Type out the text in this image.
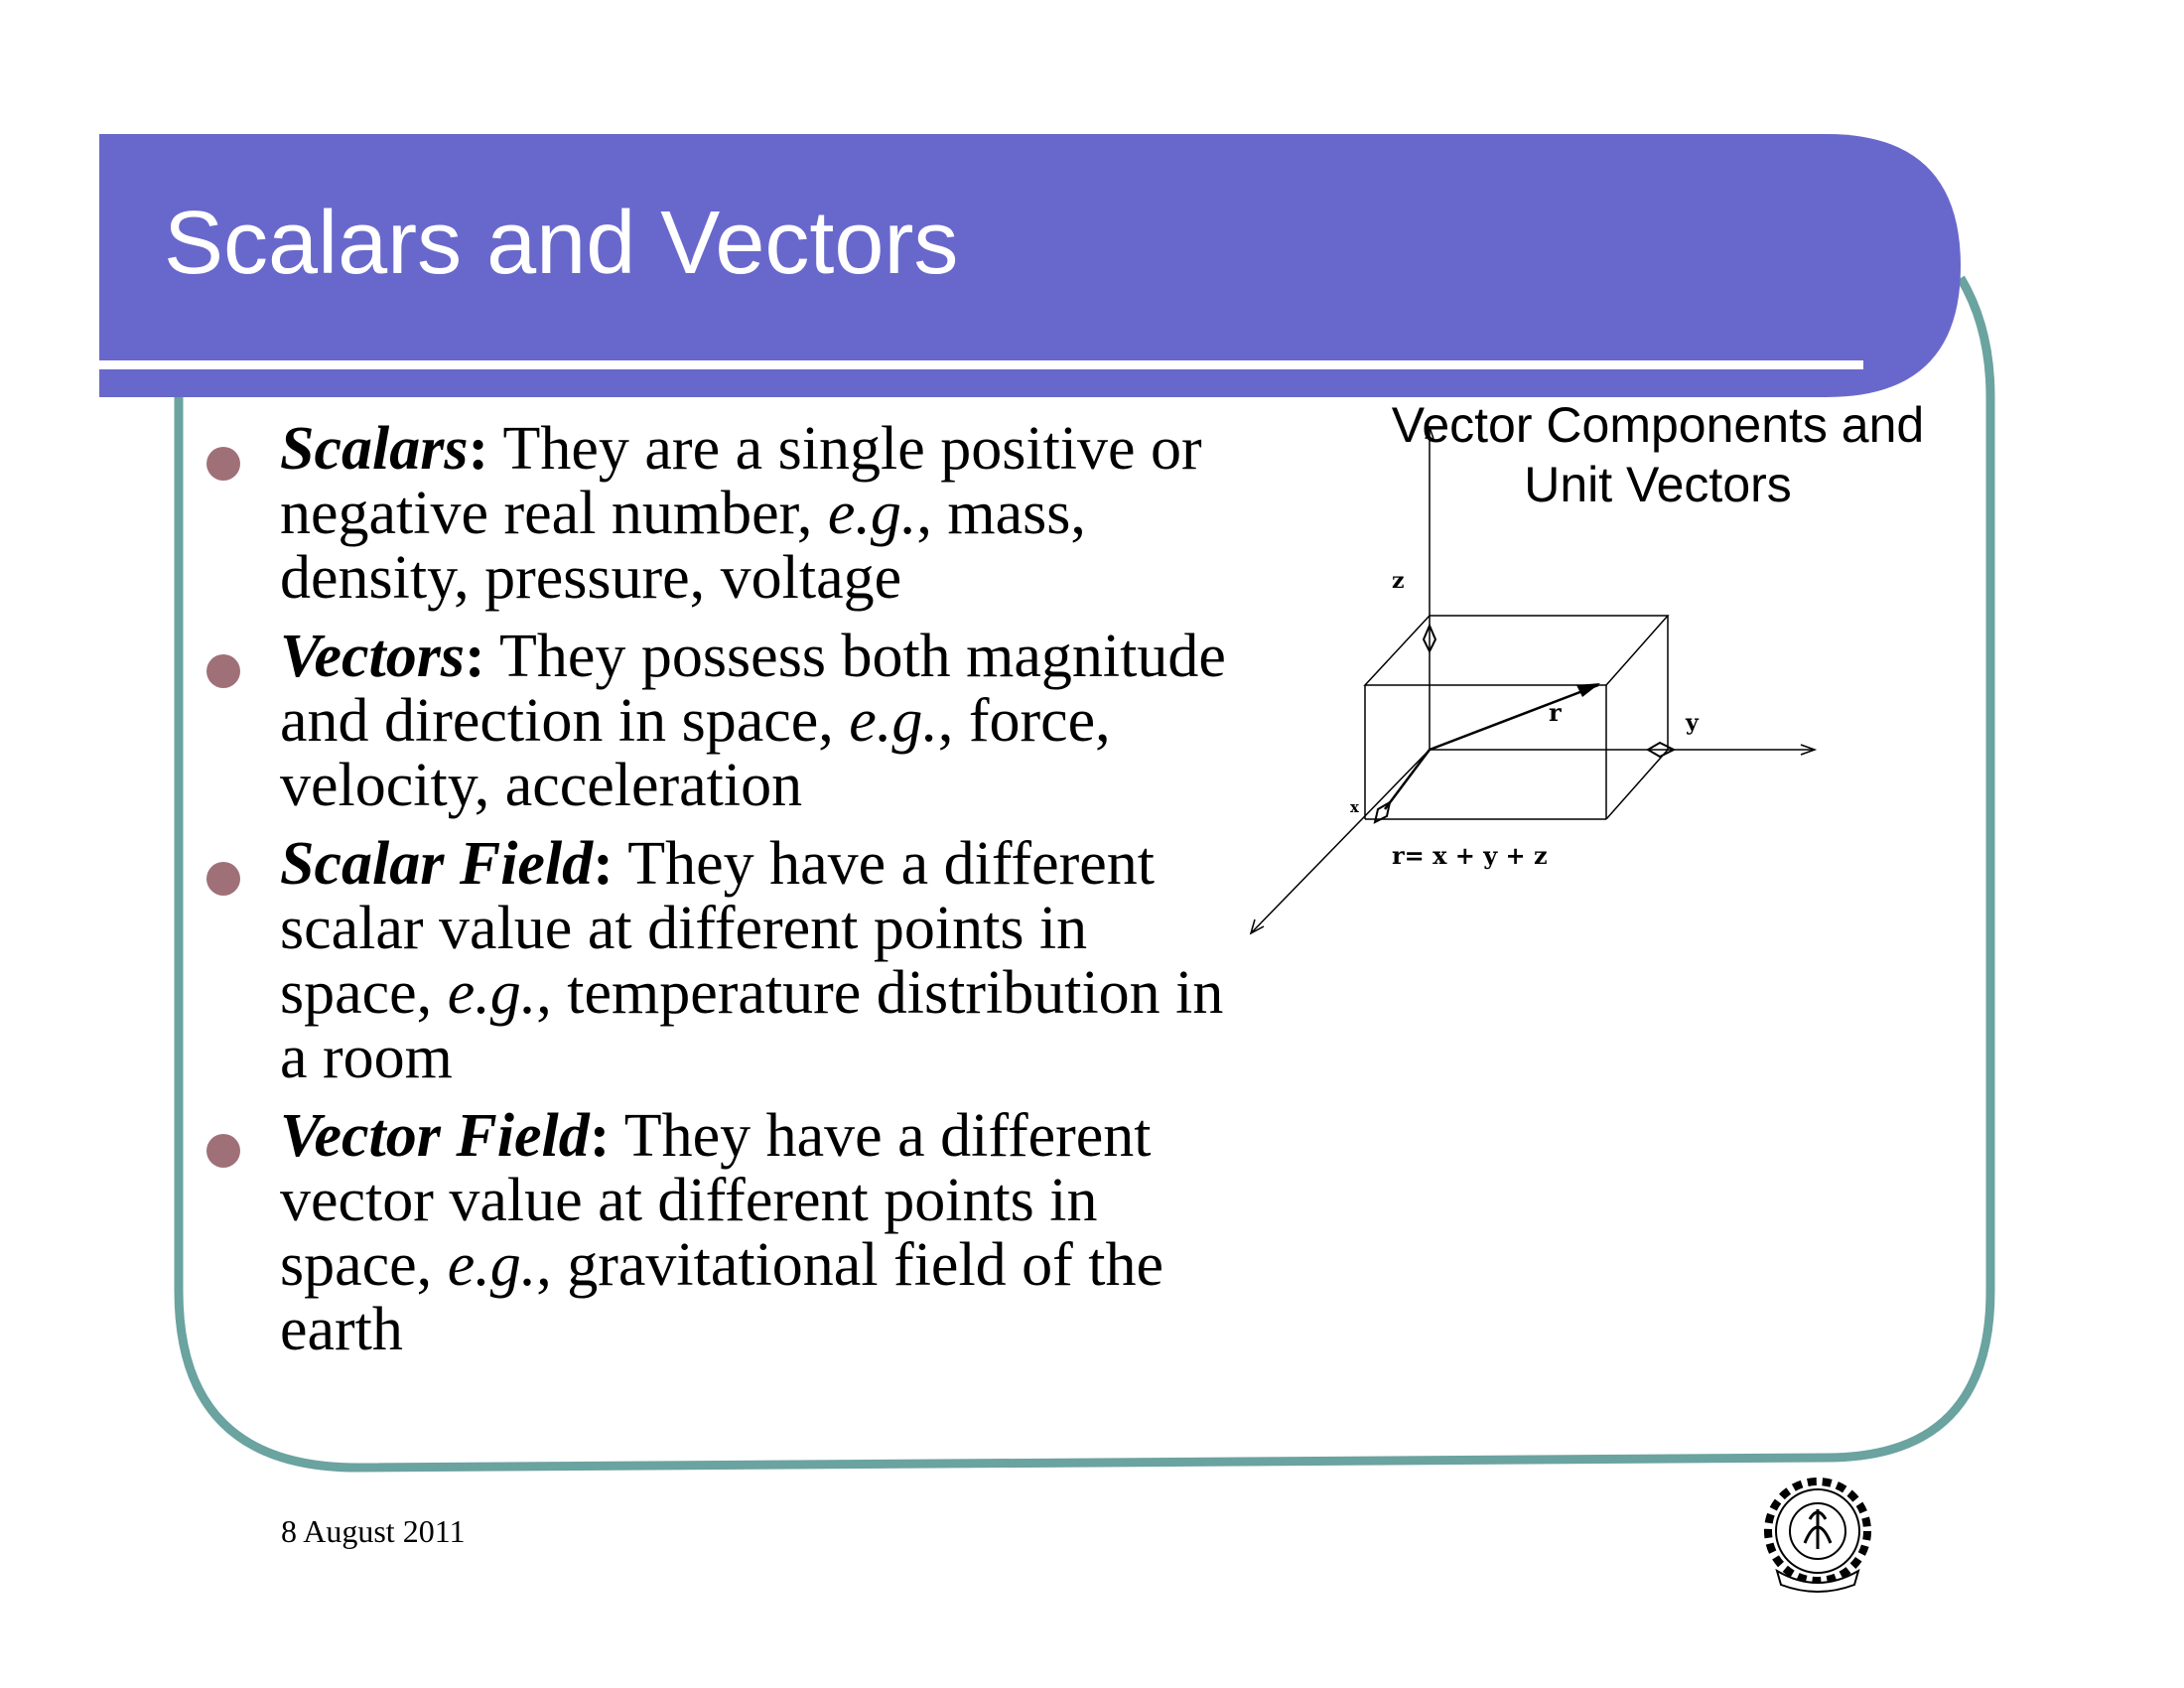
Scalars and Vectors
Scalars: They are a single positive or negative real number, e.g., mass, density, pressure, voltage
Vectors: They possess both magnitude and direction in space, e.g., force, velocity, acceleration
Scalar Field: They have a different scalar value at different points in space, e.g., temperature distribution in a room
Vector Field: They have a different vector value at different points in space, e.g., gravitational field of the earth
Vector Components and
Unit Vectors
z
y
x
r
r= x + y + z
8 August 2011
